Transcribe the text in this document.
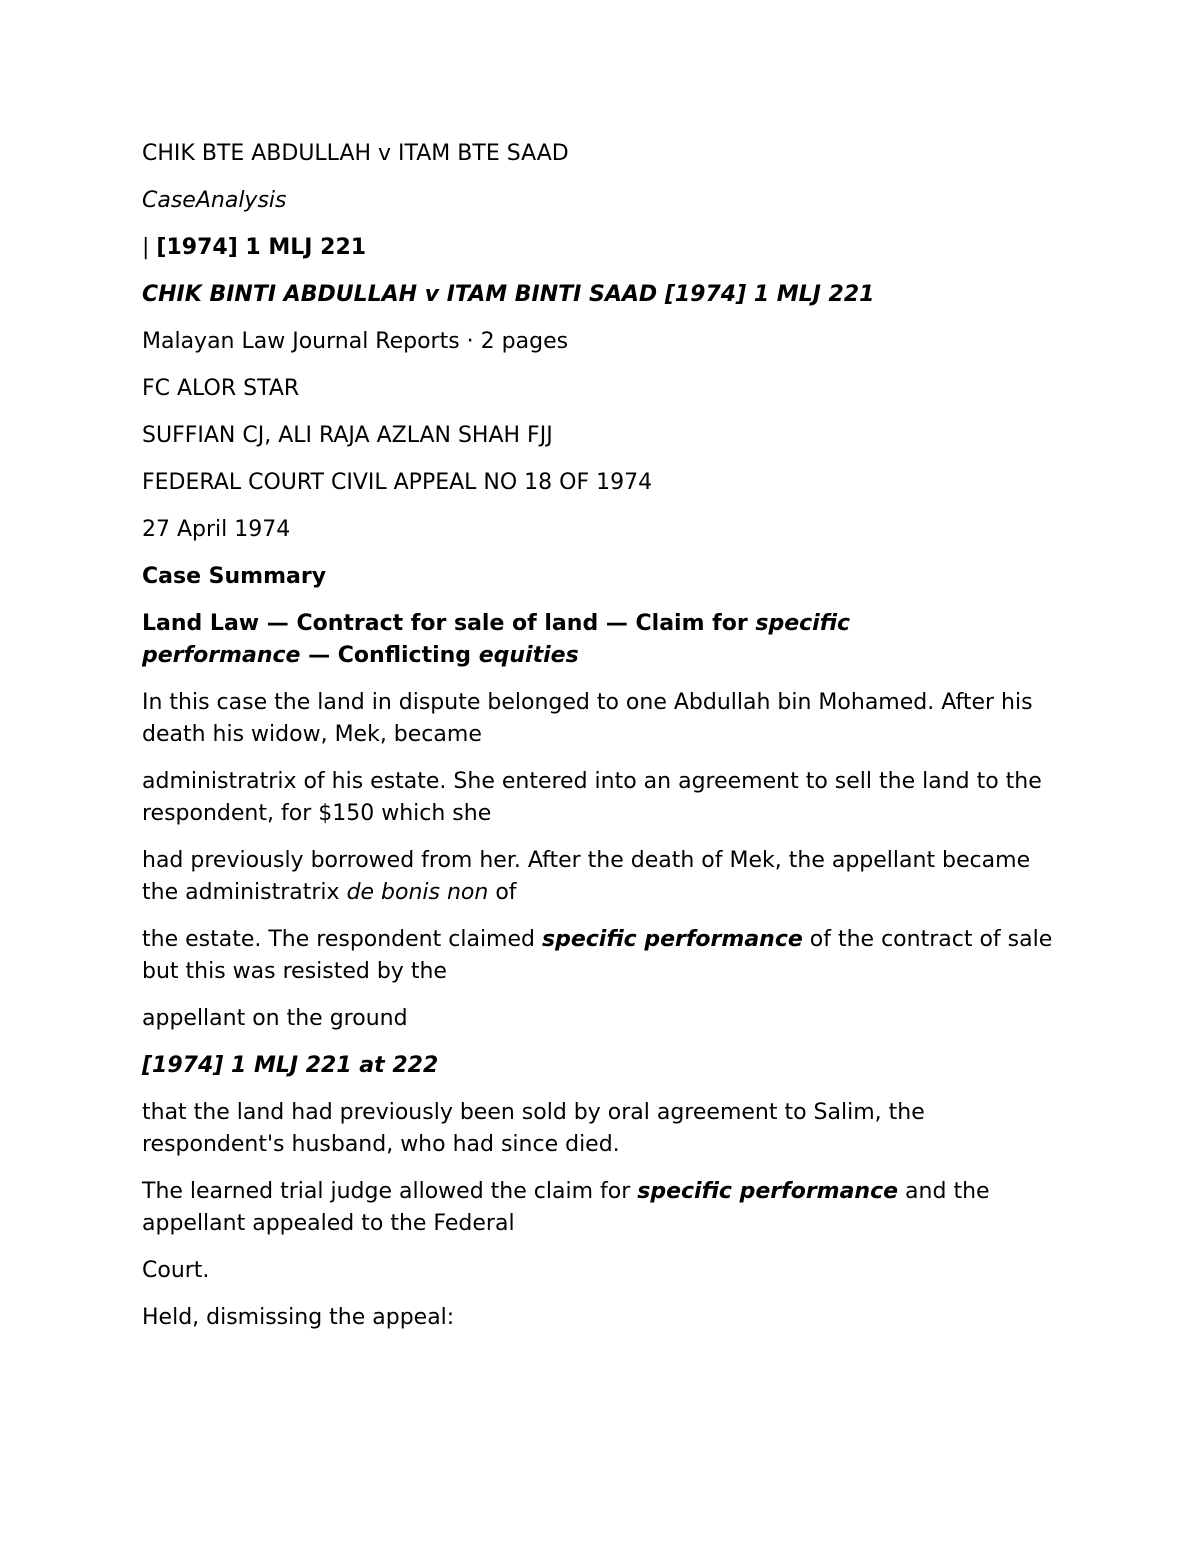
CHIK BTE ABDULLAH v ITAM BTE SAAD

CaseAnalysis

| [1974] 1 MLJ 221

CHIK BINTI ABDULLAH v ITAM BINTI SAAD [1974] 1 MLJ 221

Malayan Law Journal Reports · 2 pages

FC ALOR STAR

SUFFIAN CJ, ALI RAJA AZLAN SHAH FJJ

FEDERAL COURT CIVIL APPEAL NO 18 OF 1974

27 April 1974

Case Summary

Land Law — Contract for sale of land — Claim for specific
performance — Conflicting equities

In this case the land in dispute belonged to one Abdullah bin Mohamed. After his death his widow, Mek, became

administratrix of his estate. She entered into an agreement to sell the land to the respondent, for $150 which she

had previously borrowed from her. After the death of Mek, the appellant became the administratrix de bonis non of

the estate. The respondent claimed specific performance of the contract of sale but this was resisted by the

appellant on the ground

[1974] 1 MLJ 221 at 222

that the land had previously been sold by oral agreement to Salim, the respondent's husband, who had since died.

The learned trial judge allowed the claim for specific performance and the appellant appealed to the Federal

Court.

Held, dismissing the appeal:
